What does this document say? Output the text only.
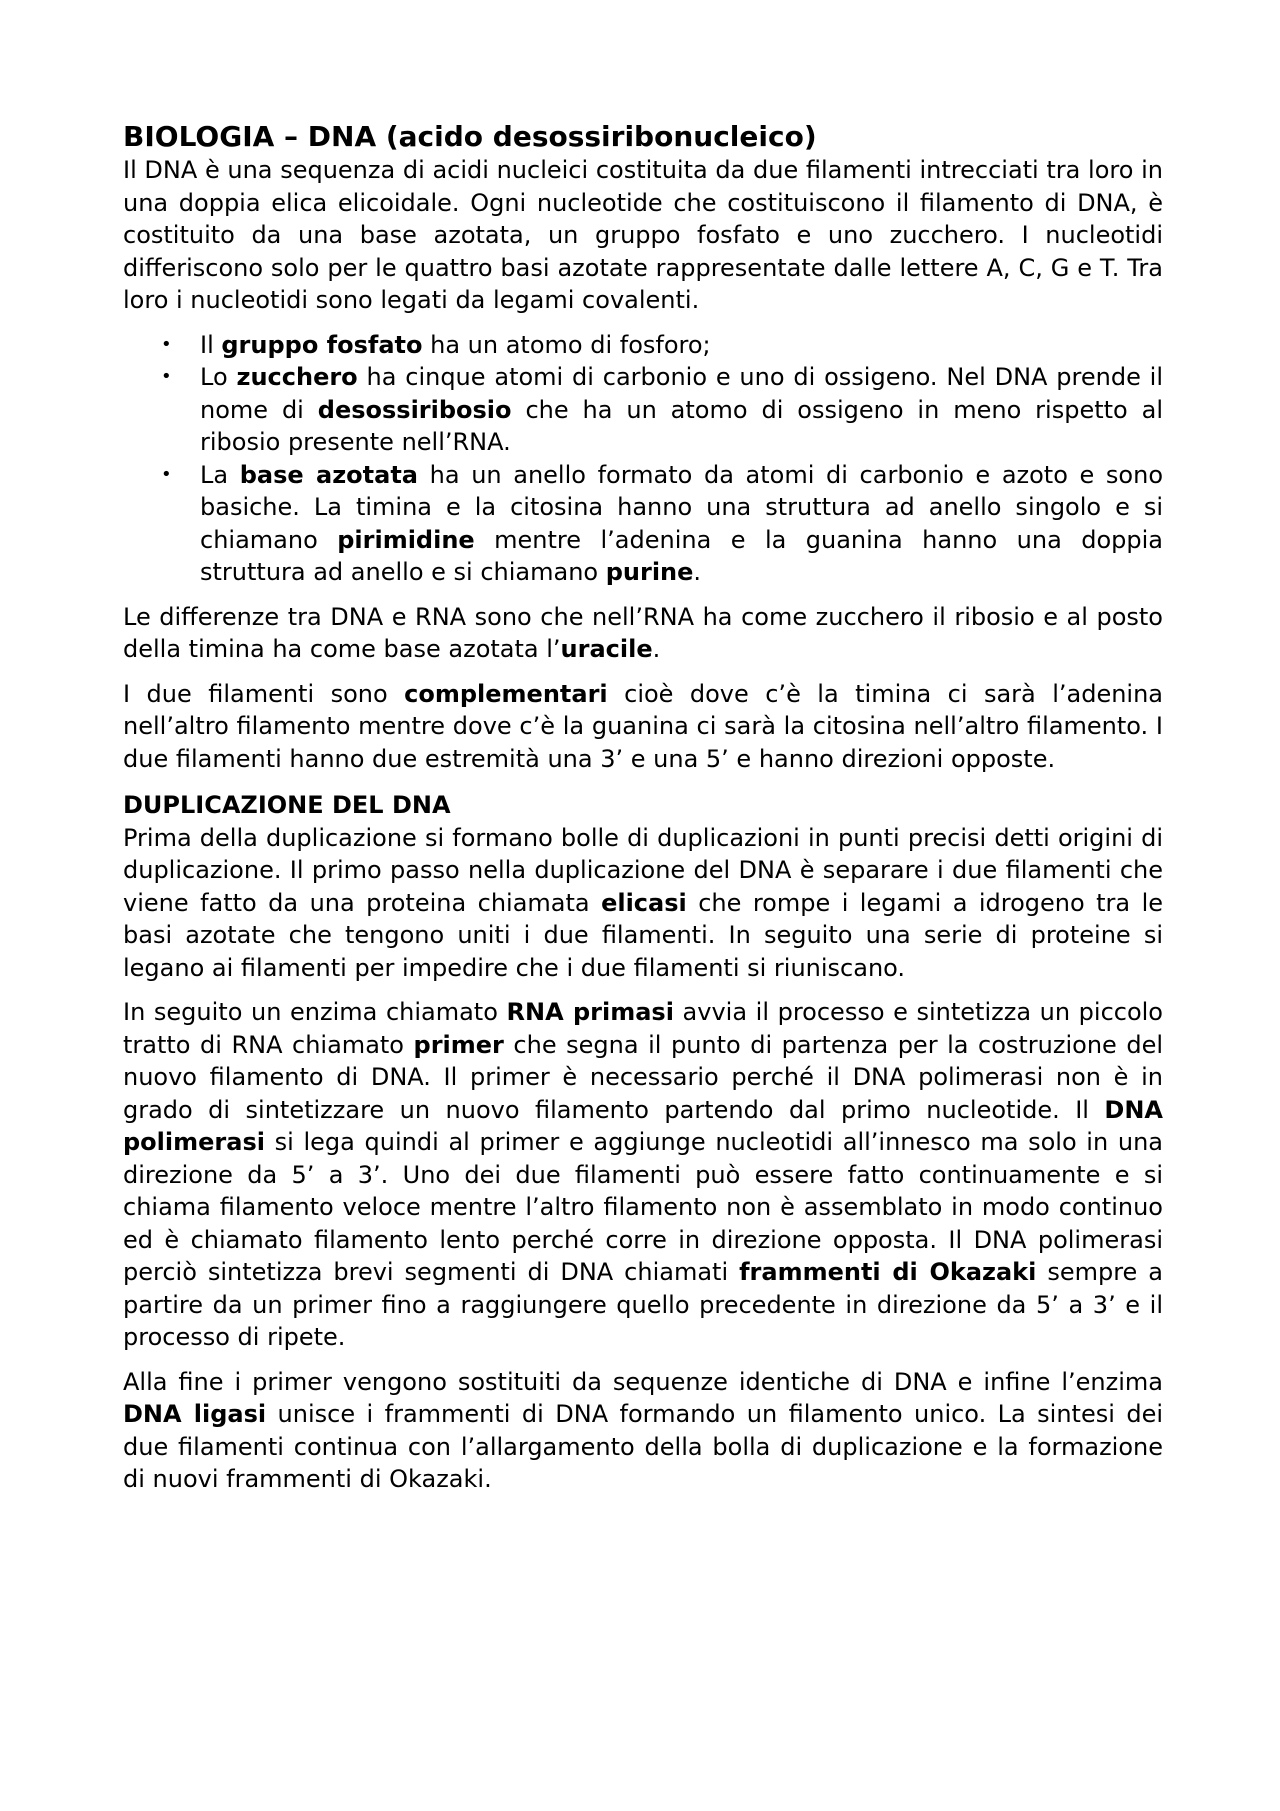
BIOLOGIA – DNA (acido desossiribonucleico)

Il DNA è una sequenza di acidi nucleici costituita da due filamenti intrecciati tra loro in una doppia elica elicoidale. Ogni nucleotide che costituiscono il filamento di DNA, è costituito da una base azotata, un gruppo fosfato e uno zucchero. I nucleotidi differiscono solo per le quattro basi azotate rappresentate dalle lettere A, C, G e T. Tra loro i nucleotidi sono legati da legami covalenti.

• Il gruppo fosfato ha un atomo di fosforo;
• Lo zucchero ha cinque atomi di carbonio e uno di ossigeno. Nel DNA prende il nome di desossiribosio che ha un atomo di ossigeno in meno rispetto al ribosio presente nell’RNA.
• La base azotata ha un anello formato da atomi di carbonio e azoto e sono basiche. La timina e la citosina hanno una struttura ad anello singolo e si chiamano pirimidine mentre l’adenina e la guanina hanno una doppia struttura ad anello e si chiamano purine.

Le differenze tra DNA e RNA sono che nell’RNA ha come zucchero il ribosio e al posto della timina ha come base azotata l’uracile.

I due filamenti sono complementari cioè dove c’è la timina ci sarà l’adenina nell’altro filamento mentre dove c’è la guanina ci sarà la citosina nell’altro filamento. I due filamenti hanno due estremità una 3’ e una 5’ e hanno direzioni opposte.

DUPLICAZIONE DEL DNA

Prima della duplicazione si formano bolle di duplicazioni in punti precisi detti origini di duplicazione. Il primo passo nella duplicazione del DNA è separare i due filamenti che viene fatto da una proteina chiamata elicasi che rompe i legami a idrogeno tra le basi azotate che tengono uniti i due filamenti. In seguito una serie di proteine si legano ai filamenti per impedire che i due filamenti si riuniscano.

In seguito un enzima chiamato RNA primasi avvia il processo e sintetizza un piccolo tratto di RNA chiamato primer che segna il punto di partenza per la costruzione del nuovo filamento di DNA. Il primer è necessario perché il DNA polimerasi non è in grado di sintetizzare un nuovo filamento partendo dal primo nucleotide. Il DNA polimerasi si lega quindi al primer e aggiunge nucleotidi all’innesco ma solo in una direzione da 5’ a 3’. Uno dei due filamenti può essere fatto continuamente e si chiama filamento veloce mentre l’altro filamento non è assemblato in modo continuo ed è chiamato filamento lento perché corre in direzione opposta. Il DNA polimerasi perciò sintetizza brevi segmenti di DNA chiamati frammenti di Okazaki sempre a partire da un primer fino a raggiungere quello precedente in direzione da 5’ a 3’ e il processo di ripete.

Alla fine i primer vengono sostituiti da sequenze identiche di DNA e infine l’enzima DNA ligasi unisce i frammenti di DNA formando un filamento unico. La sintesi dei due filamenti continua con l’allargamento della bolla di duplicazione e la formazione di nuovi frammenti di Okazaki.
